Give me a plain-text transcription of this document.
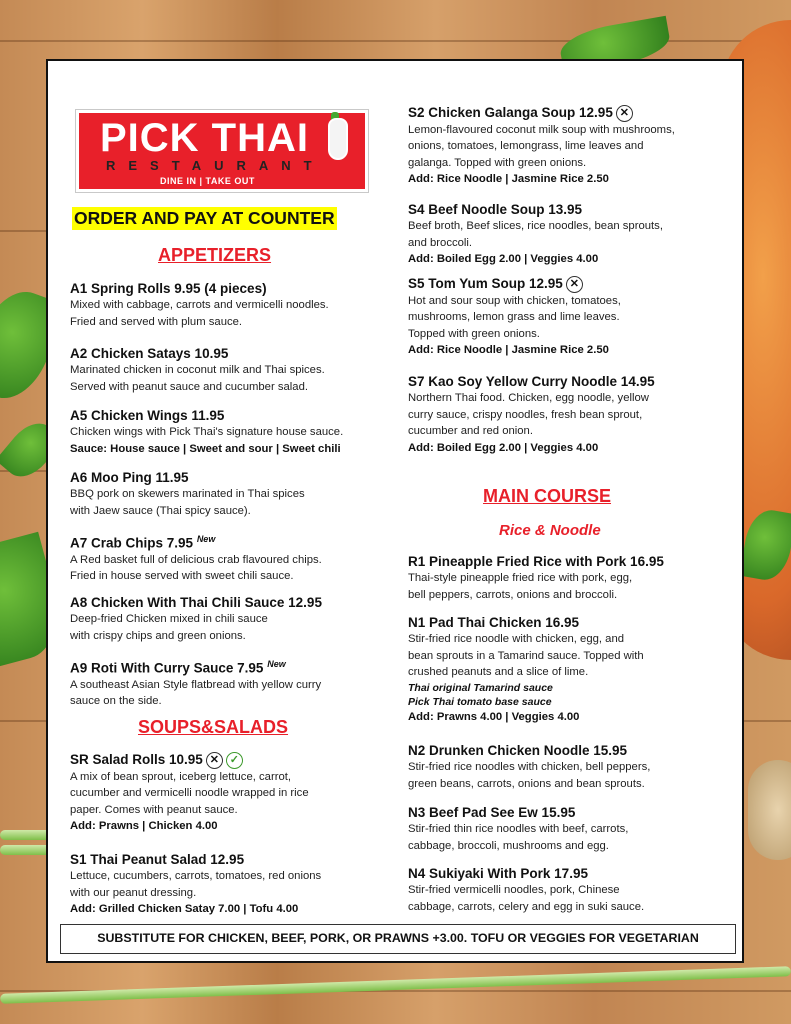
PICK THAI
RESTAURANT
DINE IN | TAKE OUT
ORDER AND PAY AT COUNTER
APPETIZERS
A1 Spring Rolls 9.95 (4 pieces)
Mixed with cabbage, carrots and vermicelli noodles.
Fried and served with plum sauce.
A2 Chicken Satays 10.95
Marinated chicken in coconut milk and Thai spices.
Served with peanut sauce and cucumber salad.
A5 Chicken Wings 11.95
Chicken wings with Pick Thai's signature house sauce.
Sauce: House sauce | Sweet and sour | Sweet chili
A6 Moo Ping 11.95
BBQ pork on skewers marinated in Thai spices
with Jaew sauce (Thai spicy sauce).
A7 Crab Chips 7.95 $^{New}$
A Red basket full of delicious crab flavoured chips.
Fried in house served with sweet chili sauce.
A8 Chicken With Thai Chili Sauce 12.95
Deep-fried Chicken mixed in chili sauce
with crispy chips and green onions.
A9 Roti With Curry Sauce 7.95 $^{New}$
A southeast Asian Style flatbread with yellow curry
sauce on the side.
SOUPS&SALADS
SR Salad Rolls 10.95 ✕ ✓
A mix of bean sprout, iceberg lettuce, carrot,
cucumber and vermicelli noodle wrapped in rice
paper. Comes with peanut sauce.
Add: Prawns | Chicken 4.00
S1 Thai Peanut Salad 12.95
Lettuce, cucumbers, carrots, tomatoes, red onions
with our peanut dressing.
Add: Grilled Chicken Satay 7.00 | Tofu 4.00
S2 Chicken Galanga Soup 12.95 ✕
Lemon-flavoured coconut milk soup with mushrooms,
onions, tomatoes, lemongrass, lime leaves and
galanga. Topped with green onions.
Add: Rice Noodle | Jasmine Rice 2.50
S4 Beef Noodle Soup 13.95
Beef broth, Beef slices, rice noodles, bean sprouts,
and broccoli.
Add: Boiled Egg 2.00 | Veggies 4.00
S5 Tom Yum Soup 12.95 ✕
Hot and sour soup with chicken, tomatoes,
mushrooms, lemon grass and lime leaves.
Topped with green onions.
Add: Rice Noodle | Jasmine Rice 2.50
S7 Kao Soy Yellow Curry Noodle 14.95
Northern Thai food. Chicken, egg noodle, yellow
curry sauce, crispy noodles, fresh bean sprout,
cucumber and red onion.
Add: Boiled Egg 2.00 | Veggies 4.00
MAIN COURSE
Rice & Noodle
R1 Pineapple Fried Rice with Pork 16.95
Thai-style pineapple fried rice with pork, egg,
bell peppers, carrots, onions and broccoli.
N1 Pad Thai Chicken 16.95
Stir-fried rice noodle with chicken, egg, and
bean sprouts in a Tamarind sauce. Topped with
crushed peanuts and a slice of lime.
Thai original Tamarind sauce
Pick Thai tomato base sauce
Add: Prawns 4.00 | Veggies 4.00
N2 Drunken Chicken Noodle 15.95
Stir-fried rice noodles with chicken, bell peppers,
green beans, carrots, onions and bean sprouts.
N3 Beef Pad See Ew 15.95
Stir-fried thin rice noodles with beef, carrots,
cabbage, broccoli, mushrooms and egg.
N4 Sukiyaki With Pork 17.95
Stir-fried vermicelli noodles, pork, Chinese
cabbage, carrots, celery and egg in suki sauce.
SUBSTITUTE FOR CHICKEN, BEEF, PORK, OR PRAWNS +3.00. TOFU OR VEGGIES FOR VEGETARIAN
